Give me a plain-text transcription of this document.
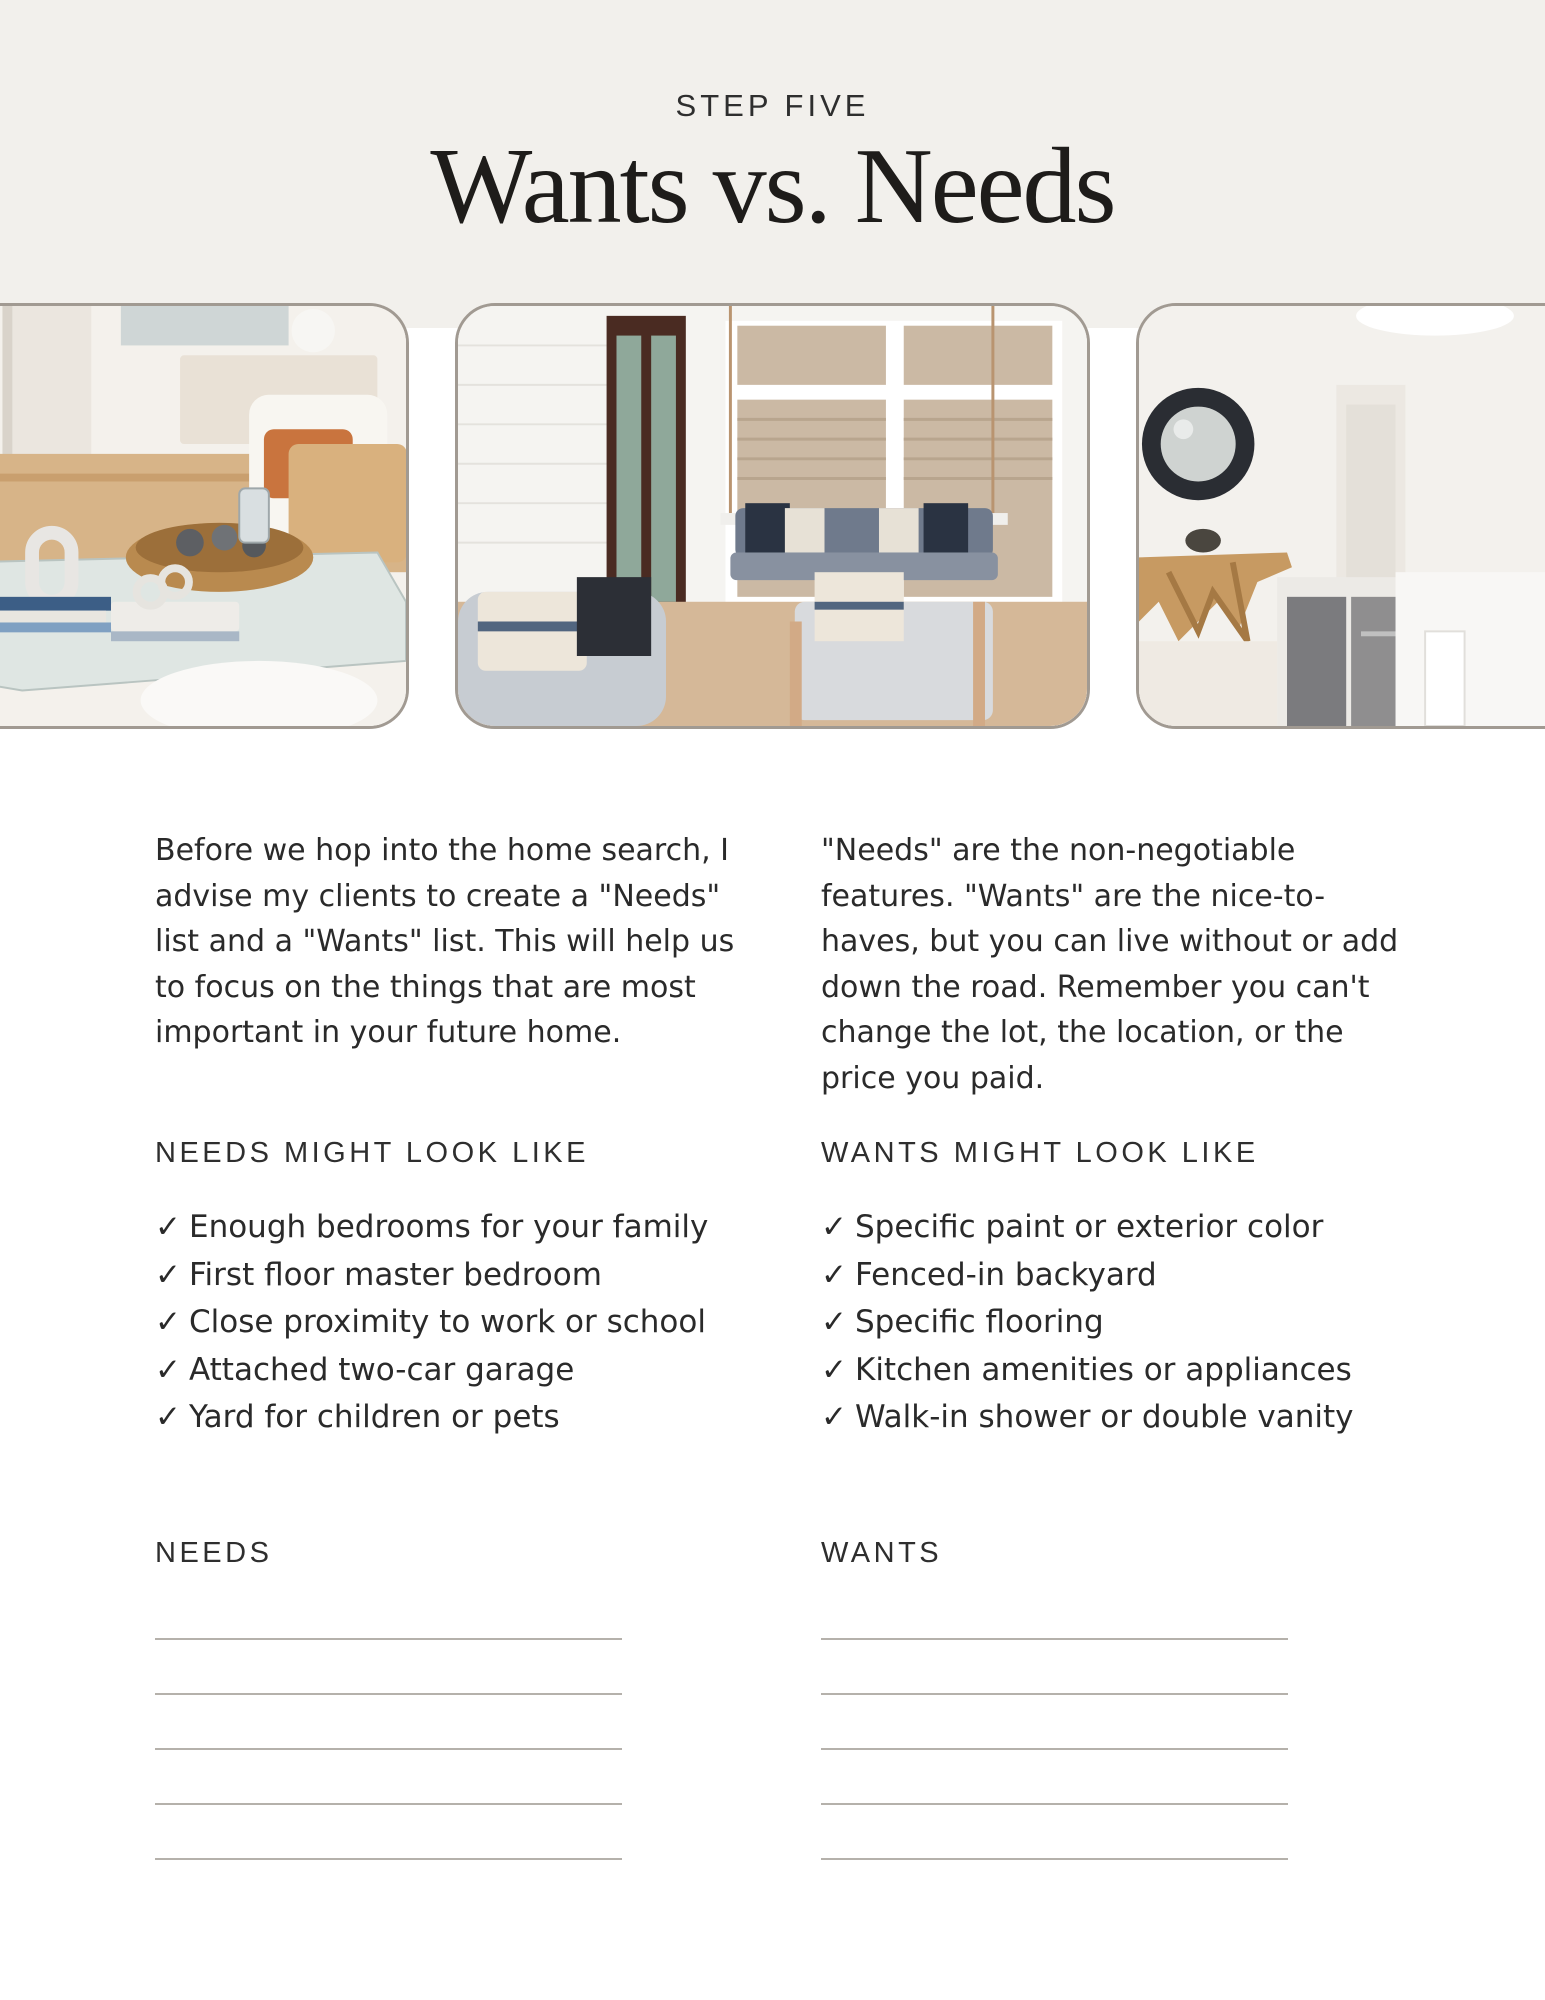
STEP FIVE
Wants vs. Needs

Before we hop into the home search, I advise my clients to create a "Needs" list and a "Wants" list. This will help us to focus on the things that are most important in your future home.

"Needs" are the non-negotiable features. "Wants" are the nice-to-haves, but you can live without or add down the road. Remember you can't change the lot, the location, or the price you paid.

NEEDS MIGHT LOOK LIKE	WANTS MIGHT LOOK LIKE
✓ Enough bedrooms for your family
✓ First floor master bedroom
✓ Close proximity to work or school
✓ Attached two-car garage
✓ Yard for children or pets
✓ Specific paint or exterior color
✓ Fenced-in backyard
✓ Specific flooring
✓ Kitchen amenities or appliances
✓ Walk-in shower or double vanity
NEEDS	WANTS
